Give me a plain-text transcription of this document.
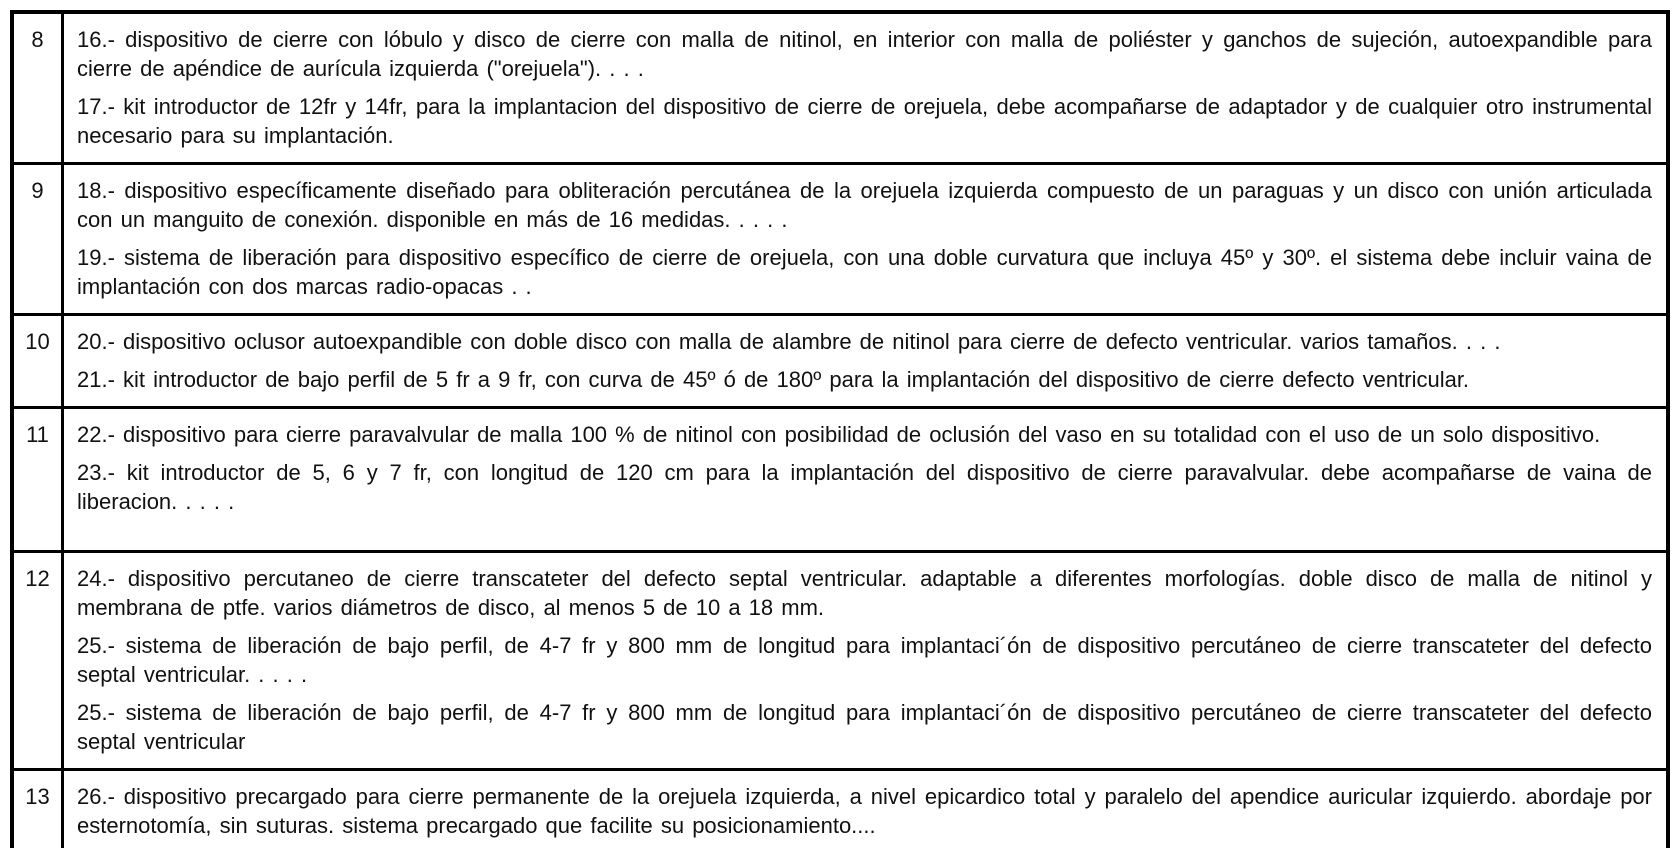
8	16.- dispositivo de cierre con lóbulo y disco de cierre con malla de nitinol, en interior con malla de poliéster y ganchos de sujeción, autoexpandible para cierre de apéndice de aurícula izquierda ("orejuela"). . . .

17.- kit introductor de 12fr y 14fr, para la implantacion del dispositivo de cierre de orejuela, debe acompañarse de adaptador y de cualquier otro instrumental necesario para su implantación.

9	18.- dispositivo específicamente diseñado para obliteración percutánea de la orejuela izquierda compuesto de un paraguas y un disco con unión articulada con un manguito de conexión. disponible en más de 16 medidas. . . . .

19.- sistema de liberación para dispositivo específico de cierre de orejuela, con una doble curvatura que incluya 45º y 30º. el sistema debe incluir vaina de implantación con dos marcas radio-opacas . .

10	20.- dispositivo oclusor autoexpandible con doble disco con malla de alambre de nitinol para cierre de defecto ventricular. varios tamaños. . . .

21.- kit introductor de bajo perfil de 5 fr a 9 fr, con curva de 45º ó de 180º para la implantación del dispositivo de cierre defecto ventricular.

11	22.- dispositivo para cierre paravalvular de malla 100 % de nitinol con posibilidad de oclusión del vaso en su totalidad con el uso de un solo dispositivo.

23.- kit introductor de 5, 6 y 7 fr, con longitud de 120 cm para la implantación del dispositivo de cierre paravalvular. debe acompañarse de vaina de liberacion. . . . .

12	24.- dispositivo percutaneo de cierre transcateter del defecto septal ventricular. adaptable a diferentes morfologías. doble disco de malla de nitinol y membrana de ptfe. varios diámetros de disco, al menos 5 de 10 a 18 mm.

25.- sistema de liberación de bajo perfil, de 4-7 fr y 800 mm de longitud para implantaci´ón de dispositivo percutáneo de cierre transcateter del defecto septal ventricular. . . . .

25.- sistema de liberación de bajo perfil, de 4-7 fr y 800 mm de longitud para implantaci´ón de dispositivo percutáneo de cierre transcateter del defecto septal ventricular

13	26.- dispositivo precargado para cierre permanente de la orejuela izquierda, a nivel epicardico total y paralelo del apendice auricular izquierdo. abordaje por esternotomía, sin suturas. sistema precargado que facilite su posicionamiento....
